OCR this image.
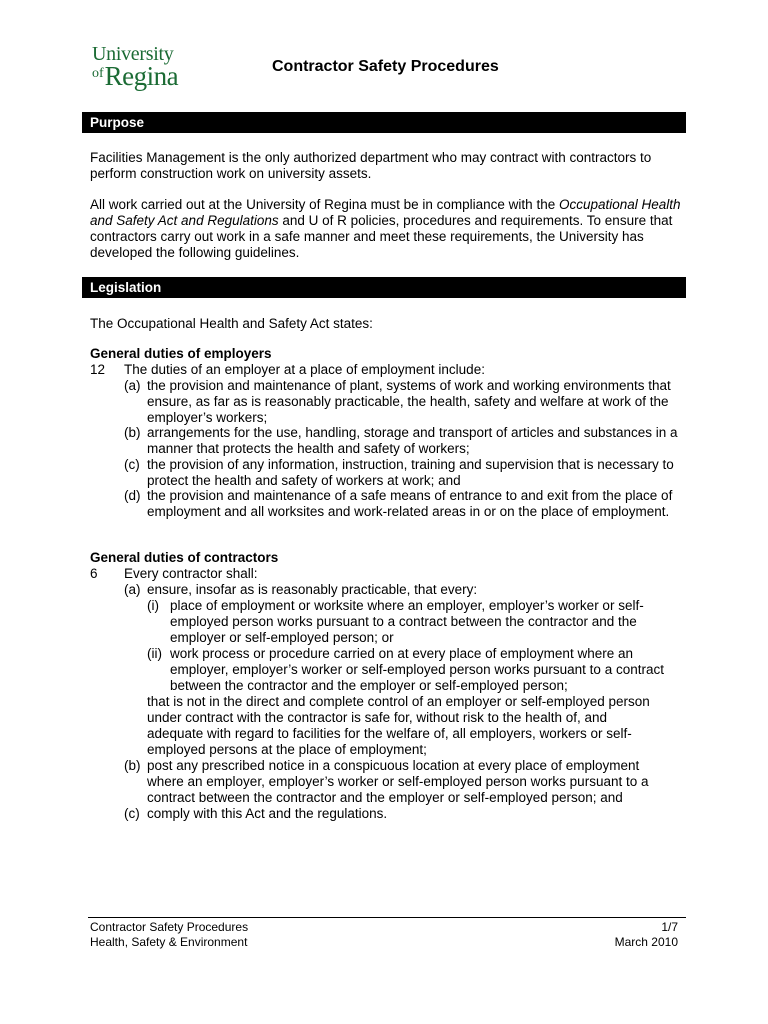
University
ofRegina	Contractor Safety Procedures
Purpose

Facilities Management is the only authorized department who may contract with contractors to perform construction work on university assets.

All work carried out at the University of Regina must be in compliance with the Occupational Health and Safety Act and Regulations and U of R policies, procedures and requirements. To ensure that contractors carry out work in a safe manner and meet these requirements, the University has developed the following guidelines.

Legislation

The Occupational Health and Safety Act states:

General duties of employers
12 The duties of an employer at a place of employment include:
(a) the provision and maintenance of plant, systems of work and working environments that ensure, as far as is reasonably practicable, the health, safety and welfare at work of the employer’s workers;

(b) arrangements for the use, handling, storage and transport of articles and substances in a manner that protects the health and safety of workers;

(c) the provision of any information, instruction, training and supervision that is necessary to protect the health and safety of workers at work; and

(d) the provision and maintenance of a safe means of entrance to and exit from the place of employment and all worksites and work-related areas in or on the place of employment.

General duties of contractors
6 Every contractor shall:
(a) ensure, insofar as is reasonably practicable, that every:

(i) place of employment or worksite where an employer, employer’s worker or self-employed person works pursuant to a contract between the contractor and the employer or self-employed person; or

(ii) work process or procedure carried on at every place of employment where an employer, employer’s worker or self-employed person works pursuant to a contract between the contractor and the employer or self-employed person;

that is not in the direct and complete control of an employer or self-employed person under contract with the contractor is safe for, without risk to the health of, and adequate with regard to facilities for the welfare of, all employers, workers or self-employed persons at the place of employment;

(b) post any prescribed notice in a conspicuous location at every place of employment where an employer, employer’s worker or self-employed person works pursuant to a contract between the contractor and the employer or self-employed person; and

(c) comply with this Act and the regulations.

Contractor Safety Procedures
Health, Safety & Environment
1/7
March 2010
